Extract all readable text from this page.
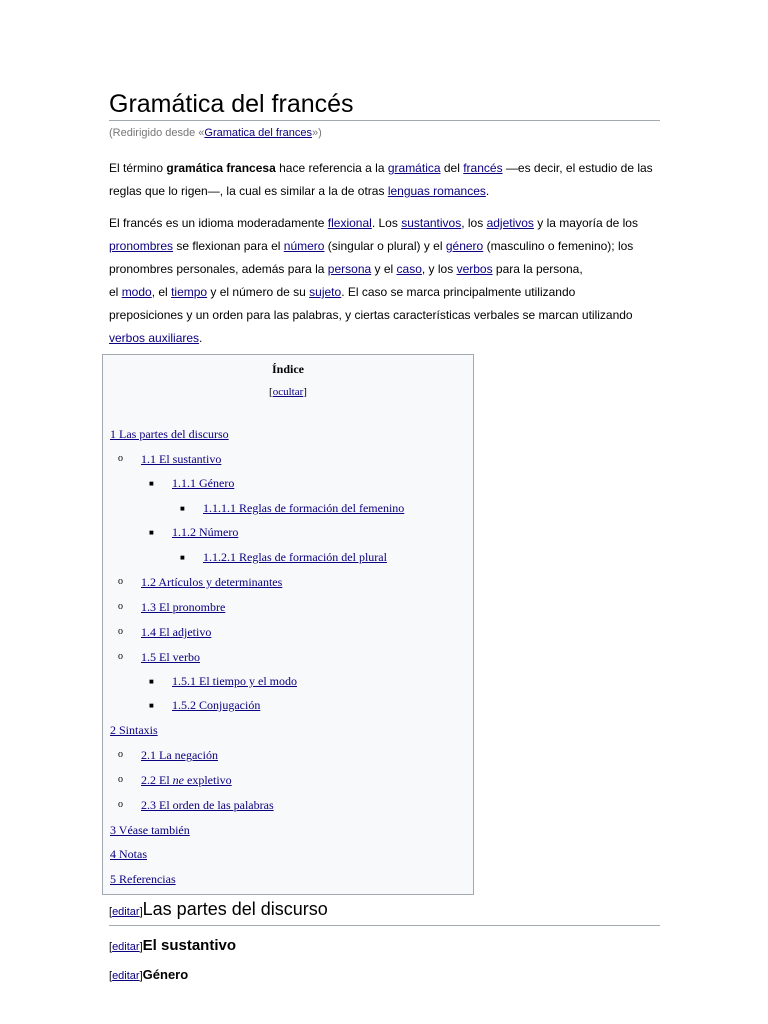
Gramática del francés
(Redirigido desde «Gramatica del frances»)

El término gramática francesa hace referencia a la gramática del francés —es decir, el estudio de las reglas que lo rigen—, la cual es similar a la de otras lenguas romances.

El francés es un idioma moderadamente flexional. Los sustantivos, los adjetivos y la mayoría de los pronombres se flexionan para el número (singular o plural) y el género (masculino o femenino); los pronombres personales, además para la persona y el caso, y los verbos para la persona,
el modo, el tiempo y el número de su sujeto. El caso se marca principalmente utilizando preposiciones y un orden para las palabras, y ciertas características verbales se marcan utilizando verbos auxiliares.

Índice
[ocultar]
1 Las partes del discurso
o 1.1 El sustantivo
■ 1.1.1 Género
■ 1.1.1.1 Reglas de formación del femenino
■ 1.1.2 Número
■ 1.1.2.1 Reglas de formación del plural
o 1.2 Artículos y determinantes
o 1.3 El pronombre
o 1.4 El adjetivo
o 1.5 El verbo
■ 1.5.1 El tiempo y el modo
■ 1.5.2 Conjugación
2 Sintaxis
o 2.1 La negación
o 2.2 El ne expletivo
o 2.3 El orden de las palabras
3 Véase también
4 Notas
5 Referencias
[editar]Las partes del discurso
[editar]El sustantivo
[editar]Género
